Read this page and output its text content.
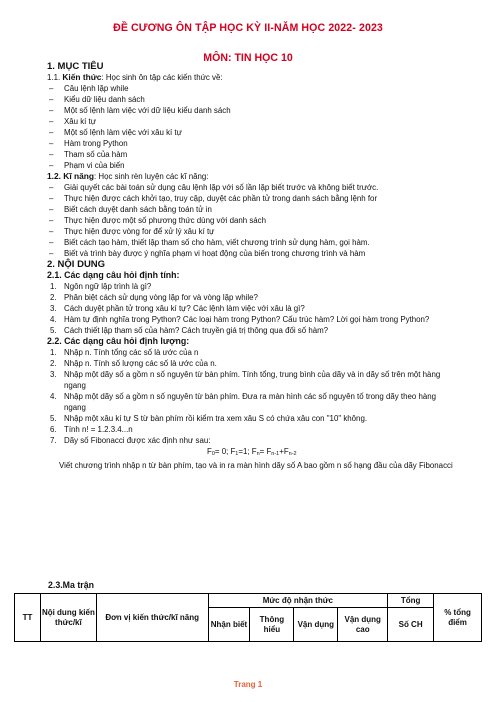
ĐỀ CƯƠNG ÔN TẬP HỌC KỲ II-NĂM HỌC 2022- 2023
MÔN: TIN HỌC 10
1. MỤC TIÊU
1.1. Kiến thức: Học sinh ôn tập các kiến thức về:
– Câu lệnh lặp while
– Kiểu dữ liệu danh sách
– Một số lệnh làm việc với dữ liệu kiểu danh sách
– Xâu kí tự
– Một số lệnh làm việc với xâu kí tự
– Hàm trong Python
– Tham số của hàm
– Phạm vi của biến
1.2. Kĩ năng: Học sinh rèn luyện các kĩ năng:
– Giải quyết các bài toán sử dụng câu lệnh lặp với số lần lặp biết trước và không biết trước.
– Thực hiện được cách khởi tạo, truy cập, duyệt các phần tử trong danh sách bằng lệnh for
– Biết cách duyệt danh sách bằng toán tử in
– Thực hiện được một số phương thức dùng với danh sách
– Thực hiện được vòng for để xử lý xâu kí tự
– Biết cách tạo hàm, thiết lập tham số cho hàm, viết chương trình sử dụng hàm, gọi hàm.
– Biết và trình bày được ý nghĩa phạm vi hoạt động của biến trong chương trình và hàm
2. NỘI DUNG
2.1. Các dạng câu hỏi định tính:
1. Ngôn ngữ lập trình là gì?
2. Phân biệt cách sử dụng vòng lặp for và vòng lặp while?
3. Cách duyệt phần tử trong xâu kí tự? Các lệnh làm việc với xâu là gì?
4. Hàm tự định nghĩa trong Python? Các loại hàm trong Python? Cấu trúc hàm? Lời gọi hàm trong Python?
5. Cách thiết lập tham số của hàm? Cách truyền giá trị thông qua đối số hàm?
2.2. Các dạng câu hỏi định lượng:
1. Nhập n. Tính tổng các số là ước của n
2. Nhập n. Tính số lượng các số là ước của n.
3. Nhập một dãy số a gồm n số nguyên từ bàn phím. Tính tổng, trung bình của dãy và in dãy số trên một hàng ngang
4. Nhập một dãy số a gồm n số nguyên từ bàn phím. Đưa ra màn hình các số nguyên tố trong dãy theo hàng ngang
5. Nhập một xâu kí tự S từ bàn phím rồi kiểm tra xem xâu S có chứa xâu con "10" không.
6. Tính n! = 1.2.3.4...n
7. Dãy số Fibonacci được xác định như sau:
F0= 0; F1=1; Fn= Fn-1+Fn-2
Viết chương trình nhập n từ bàn phím, tạo và in ra màn hình dãy số A bao gồm n số hạng đầu của dãy Fibonacci
2.3.Ma trận
TT	Nội dung kiến thức/kĩ	Đơn vị kiến thức/kĩ năng	Mức độ nhận thức				Tổng	% tổng điểm
			Nhận biết	Thông hiểu	Vận dụng	Vận dụng cao	Số CH	
Trang 1
